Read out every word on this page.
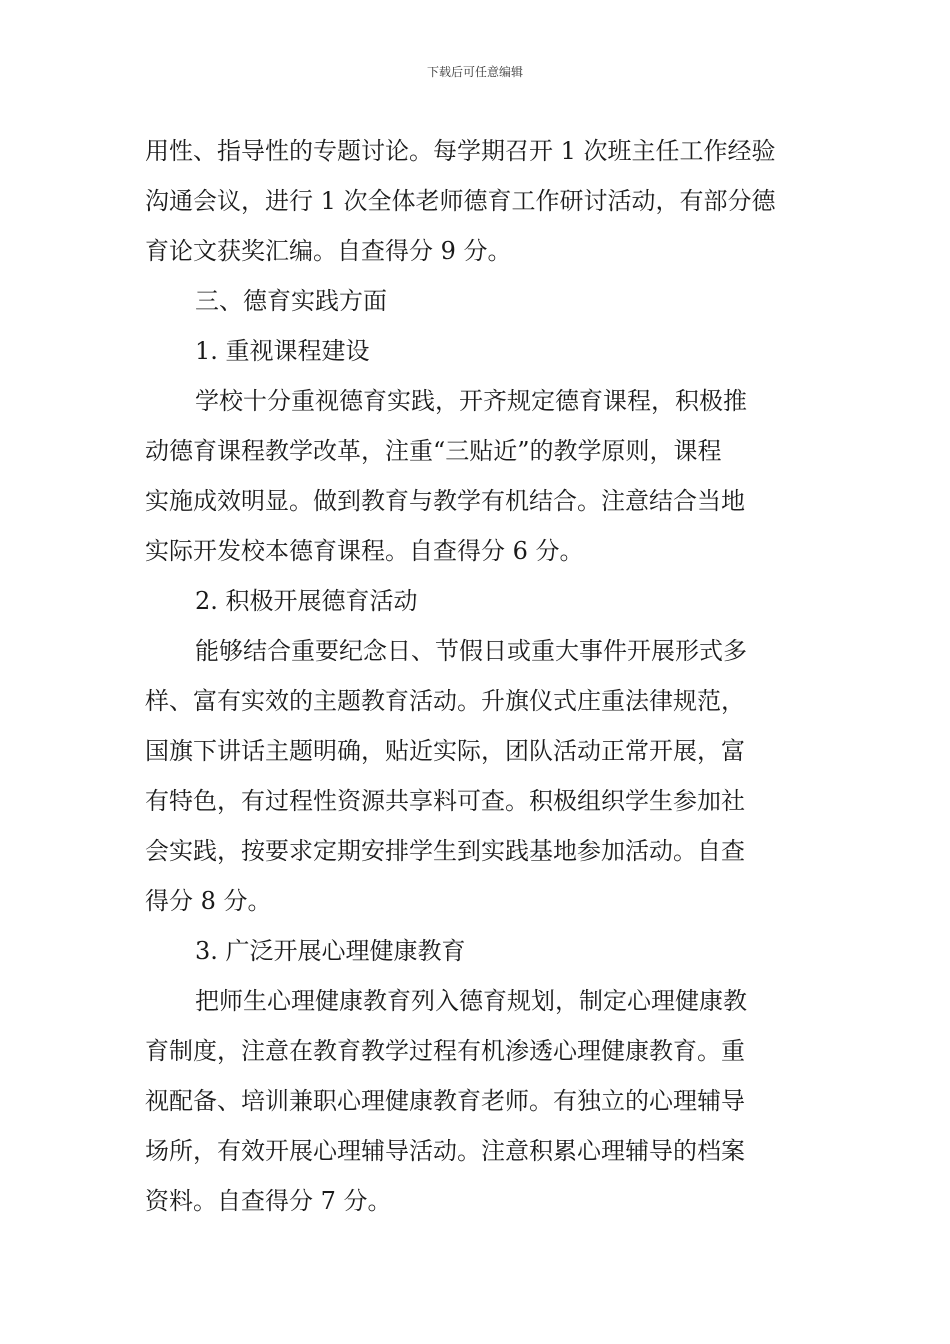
下载后可任意编辑
用性、指导性的专题讨论。每学期召开 1 次班主任工作经验
沟通会议，进行 1 次全体老师德育工作研讨活动，有部分德
育论文获奖汇编。自查得分 9 分。
三、德育实践方面
1. 重视课程建设
学校十分重视德育实践，开齐规定德育课程，积极推
动德育课程教学改革，注重“三贴近”的教学原则，课程
实施成效明显。做到教育与教学有机结合。注意结合当地
实际开发校本德育课程。自查得分 6 分。
2. 积极开展德育活动
能够结合重要纪念日、节假日或重大事件开展形式多
样、富有实效的主题教育活动。升旗仪式庄重法律规范，
国旗下讲话主题明确，贴近实际，团队活动正常开展，富
有特色，有过程性资源共享料可查。积极组织学生参加社
会实践，按要求定期安排学生到实践基地参加活动。自查
得分 8 分。
3. 广泛开展心理健康教育
把师生心理健康教育列入德育规划，制定心理健康教
育制度，注意在教育教学过程有机渗透心理健康教育。重
视配备、培训兼职心理健康教育老师。有独立的心理辅导
场所，有效开展心理辅导活动。注意积累心理辅导的档案
资料。自查得分 7 分。
